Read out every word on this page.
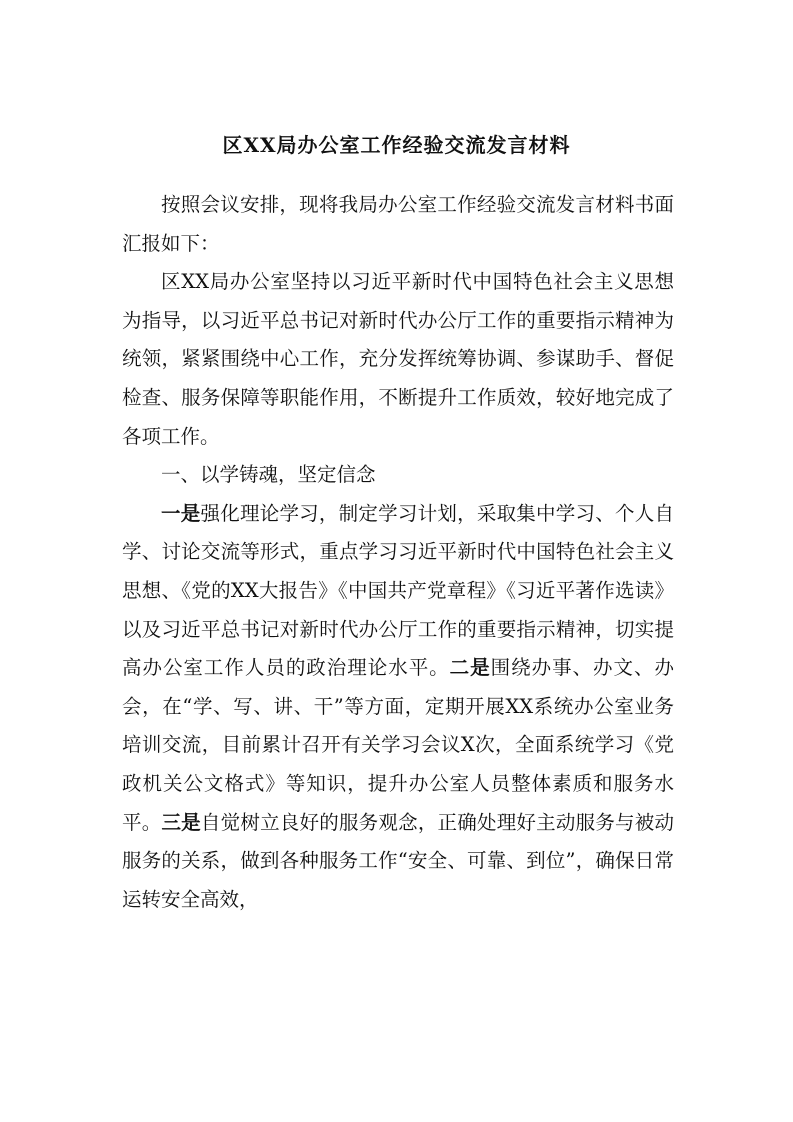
区XX局办公室工作经验交流发言材料

按照会议安排，现将我局办公室工作经验交流发言材料书面汇报如下：

区XX局办公室坚持以习近平新时代中国特色社会主义思想为指导，以习近平总书记对新时代办公厅工作的重要指示精神为统领，紧紧围绕中心工作，充分发挥统筹协调、参谋助手、督促检查、服务保障等职能作用，不断提升工作质效，较好地完成了各项工作。

一、以学铸魂，坚定信念

一是强化理论学习，制定学习计划，采取集中学习、个人自学、讨论交流等形式，重点学习习近平新时代中国特色社会主义思想、《党的XX大报告》《中国共产党章程》《习近平著作选读》以及习近平总书记对新时代办公厅工作的重要指示精神，切实提高办公室工作人员的政治理论水平。二是围绕办事、办文、办会，在“学、写、讲、干”等方面，定期开展XX系统办公室业务培训交流，目前累计召开有关学习会议X次，全面系统学习《党政机关公文格式》等知识，提升办公室人员整体素质和服务水平。三是自觉树立良好的服务观念，正确处理好主动服务与被动服务的关系，做到各种服务工作“安全、可靠、到位”，确保日常运转安全高效，
